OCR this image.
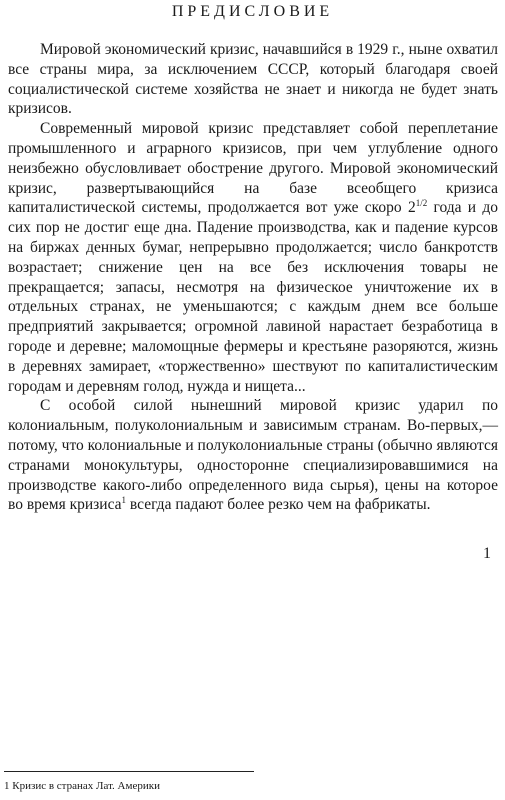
ПРЕДИСЛОВИЕ

Мировой экономический кризис, начавшийся в 1929 г., ныне охватил все страны мира, за исключением СССР, который благодаря своей социалистической системе хозяйства не знает и никогда не будет знать кризисов.

Современный мировой кризис представляет собой переплетание промышленного и аграрного кризисов, при чем углубление одного неизбежно обусловливает обострение другого. Мировой экономический кризис, развертывающийся на базе всеобщего кризиса капиталистической системы, продолжается вот уже скоро $2^{1/2}$ года и до сих пор не достиг еще дна. Падение производства, как и падение курсов на биржах денных бумаг, непрерывно продолжается; число банкротств возрастает; снижение цен на все без исключения товары не прекращается; запасы, несмотря на физическое уничтожение их в отдельных странах, не уменьшаются; с каждым днем все больше предприятий закрывается; огромной лавиной нарастает безработица в городе и деревне; маломощные фермеры и крестьяне разоряются, жизнь в деревнях замирает, «торжественно» шествуют по капиталистическим городам и деревням голод, нужда и нищета...

С особой силой нынешний мировой кризис ударил по колониальным, полуколониальным и зависимым странам. Во-первых,—потому, что колониальные и полуколониальные страны (обычно являются странами монокультуры, односторонне специализировавшимися на производстве какого-либо определенного вида сырья), цены на которое во время кризиса$^1$ всегда падают более резко чем на фабрикаты.

1
1 Кризис в странах Лат. Америки
